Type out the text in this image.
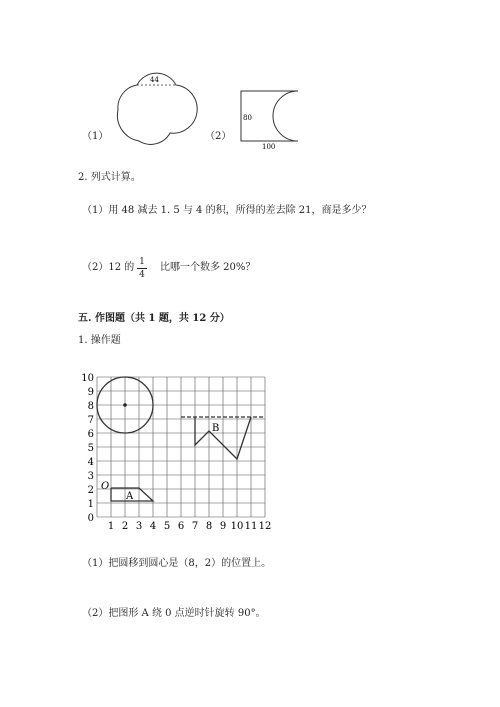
44
（1）
80
100
（2）
2. 列式计算。
（1）用 48 减去 1. 5 与 4 的积，所得的差去除 21，商是多少？
（2）12 的 1
4
比哪一个数多 20%？
五. 作图题（共 1 题，共 12 分）
1. 操作题
0
1
2
3
4
5
6
7
8
9
10
1 2 3 4 5 6 7 8 9 10 11 12
B
A
O
（1）把圆移到圆心是（8，2）的位置上。
（2）把图形 A 绕 0 点逆时针旋转 90°。
